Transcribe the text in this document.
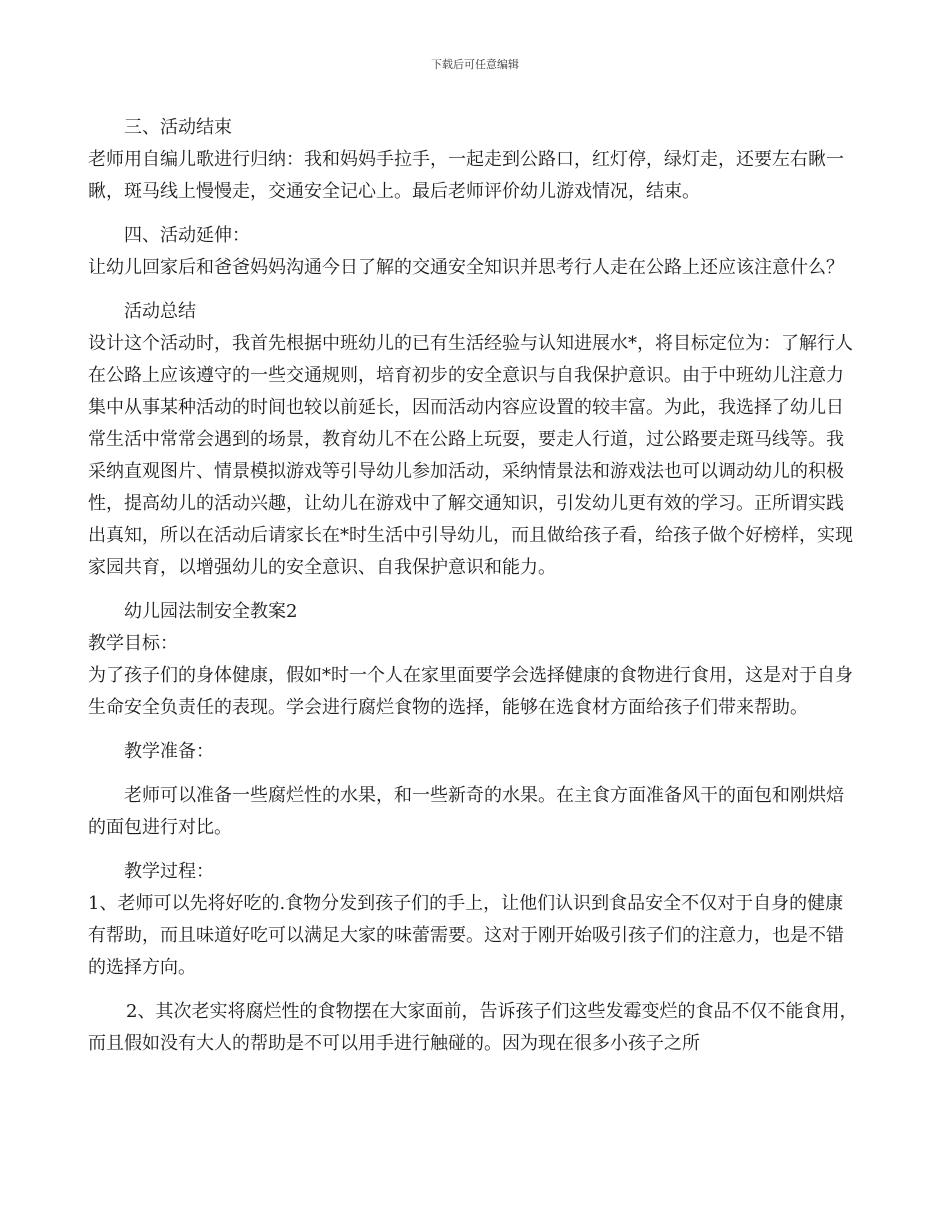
下载后可任意编辑

三、活动结束

老师用自编儿歌进行归纳：我和妈妈手拉手，一起走到公路口，红灯停，绿灯走，还要左右瞅一瞅，斑马线上慢慢走，交通安全记心上。最后老师评价幼儿游戏情况，结束。

四、活动延伸：

让幼儿回家后和爸爸妈妈沟通今日了解的交通安全知识并思考行人走在公路上还应该注意什么？

活动总结

设计这个活动时，我首先根据中班幼儿的已有生活经验与认知进展水*，将目标定位为：了解行人在公路上应该遵守的一些交通规则，培育初步的安全意识与自我保护意识。由于中班幼儿注意力集中从事某种活动的时间也较以前延长，因而活动内容应设置的较丰富。为此，我选择了幼儿日常生活中常常会遇到的场景，教育幼儿不在公路上玩耍，要走人行道，过公路要走斑马线等。我采纳直观图片、情景模拟游戏等引导幼儿参加活动，采纳情景法和游戏法也可以调动幼儿的积极性，提高幼儿的活动兴趣，让幼儿在游戏中了解交通知识，引发幼儿更有效的学习。正所谓实践出真知，所以在活动后请家长在*时生活中引导幼儿，而且做给孩子看，给孩子做个好榜样，实现家园共育，以增强幼儿的安全意识、自我保护意识和能力。

幼儿园法制安全教案2

教学目标：

为了孩子们的身体健康，假如*时一个人在家里面要学会选择健康的食物进行食用，这是对于自身生命安全负责任的表现。学会进行腐烂食物的选择，能够在选食材方面给孩子们带来帮助。

教学准备：

老师可以准备一些腐烂性的水果，和一些新奇的水果。在主食方面准备风干的面包和刚烘焙的面包进行对比。

教学过程：

1、老师可以先将好吃的.食物分发到孩子们的手上，让他们认识到食品安全不仅对于自身的健康有帮助，而且味道好吃可以满足大家的味蕾需要。这对于刚开始吸引孩子们的注意力，也是不错的选择方向。

2、其次老实将腐烂性的食物摆在大家面前，告诉孩子们这些发霉变烂的食品不仅不能食用，而且假如没有大人的帮助是不可以用手进行触碰的。因为现在很多小孩子之所
